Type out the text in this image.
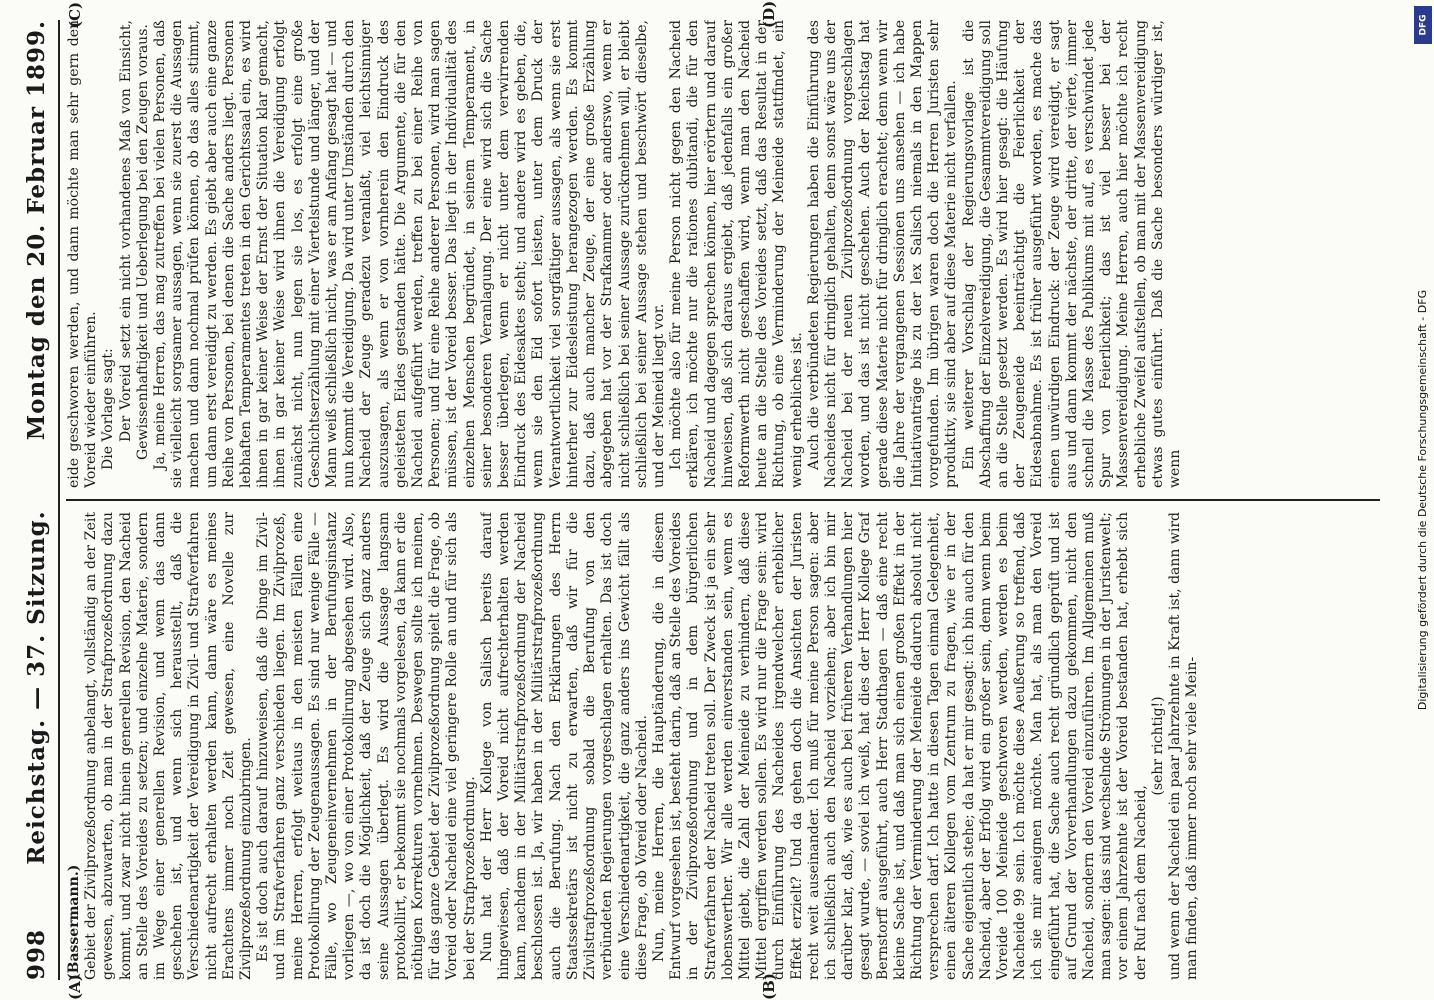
998
Reichstag. — 37. Sitzung.
Montag den 20. Februar 1899.

(Bassermann.) Gebiet der Zivilprozeßordnung anbelangt, vollständig an der Zeit gewesen, abzuwarten, ob man in der Strafprozeßordnung dazu kommt, und zwar nicht hinein generellen Revision, den Nacheid an Stelle des Voreides zu setzen; und einzelne Materie, sondern im Wege einer generellen Revision, und wenn das dann geschehen ist, und wenn sich herausstellt, daß die Verschiedenartigkeit der Vereidigung in Zivil- und Strafverfahren nicht aufrecht erhalten werden kann, dann wäre es meines Erachtens immer noch Zeit gewesen, eine Novelle zur Zivilprozeßordnung einzubringen. Es ist doch auch darauf hinzuweisen, daß die Dinge im Zivil- und im Strafverfahren ganz verschieden liegen. Im Zivilprozeß, meine Herren, erfolgt weitaus in den meisten Fällen eine Protokollirung der Zeugenaussagen. Es sind nur wenige Fälle — Fälle, wo Zeugeneinvernehmen in der Berufungsinstanz vorliegen —, wo von einer Protokollirung abgesehen wird. Also, da ist doch die Möglichkeit, daß der Zeuge sich ganz anders seine Aussagen überlegt. Es wird die Aussage langsam protokollirt, er bekommt sie nochmals vorgelesen, da kann er die nöthigen Korrekturen vornehmen. Deswegen sollte ich meinen, für das ganze Gebiet der Zivilprozeßordnung spielt die Frage, ob Voreid oder Nacheid eine viel geringere Rolle an und für sich als bei der Strafprozeßordnung. Nun hat der Herr Kollege von Salisch bereits darauf hingewiesen, daß der Voreid nicht aufrechterhalten werden kann, nachdem in der Militärstrafprozeßordnung der Nacheid beschlossen ist. Ja, wir haben in der Militärstrafprozeßordnung auch die Berufung. Nach den Erklärungen des Herrn Staatssekretärs ist nicht zu erwarten, daß wir für die Zivilstrafprozeßordnung sobald die Berufung von den verbündeten Regierungen vorgeschlagen erhalten. Das ist doch eine Verschiedenartigkeit, die ganz anders ins Gewicht fällt als diese Frage, ob Voreid oder Nacheid. Nun, meine Herren, die Hauptänderung, die in diesem Entwurf vorgesehen ist, besteht darin, daß an Stelle des Voreides in der Zivilprozeßordnung und in dem bürgerlichen Strafverfahren der Nacheid treten soll. Der Zweck ist ja ein sehr lobenswerther. Wir alle werden einverstanden sein, wenn es Mittel giebt, die Zahl der Meineide zu verhindern, daß diese Mittel ergriffen werden sollen. Es wird nur die Frage sein: wird durch Einführung des Nacheides irgendwelcher erheblicher Effekt erzielt? Und da gehen doch die Ansichten der Juristen recht weit auseinander. Ich muß für meine Person sagen: aber ich schließlich auch den Nacheid vorziehen; aber ich bin mir darüber klar, daß, wie es auch bei früheren Verhandlungen hier gesagt wurde, — soviel ich weiß, hat dies der Herr Kollege Graf Bernstorff ausgeführt, auch Herr Stadthagen — daß eine recht kleine Sache ist, und daß man sich einen großen Effekt in der Richtung der Verminderung der Meineide dadurch absolut nicht versprechen darf. Ich hatte in diesen Tagen einmal Gelegenheit, einen älteren Kollegen vom Zentrum zu fragen, wie er in der Sache eigentlich stehe; da hat er mir gesagt: ich bin auch für den Nacheid, aber der Erfolg wird ein großer sein, denn wenn beim Voreide 100 Meineide geschworen werden, werden es beim Nacheide 99 sein. Ich möchte diese Aeußerung so treffend, daß ich sie mir aneignen möchte. Man hat, als man den Voreid eingeführt hat, die Sache auch recht gründlich geprüft und ist auf Grund der Vorverhandlungen dazu gekommen, nicht den Nacheid, sondern den Voreid einzuführen. Im Allgemeinen muß man sagen: das sind wechselnde Strömungen in der Juristenwelt; vor einem Jahrzehnte ist der Voreid bestanden hat, erhebt sich der Ruf nach dem Nacheid,

(sehr richtig!) und wenn der Nacheid ein paar Jahrzehnte in Kraft ist, dann wird man finden, daß immer noch sehr viele Mein-

eide geschworen werden, und dann möchte man sehr gern den Voreid wieder einführen. Die Vorlage sagt: Der Voreid setzt ein nicht vorhandenes Maß von Einsicht, Gewissenhaftigkeit und Ueberlegung bei den Zeugen voraus. Ja, meine Herren, das mag zutreffen bei vielen Personen, daß sie vielleicht sorgsamer aussagen, wenn sie zuerst die Aussagen machen und dann nochmal prüfen können, ob das alles stimmt, um dann erst vereidigt zu werden. Es giebt aber auch eine ganze Reihe von Personen, bei denen die Sache anders liegt. Personen lebhaften Temperamentes treten in den Gerichtssaal ein, es wird ihnen in gar keiner Weise der Ernst der Situation klar gemacht, ihnen in gar keiner Weise wird ihnen die Vereidigung erfolgt zunächst nicht, nun legen sie los, es erfolgt eine große Geschichtserzählung mit einer Viertelstunde und länger, und der Mann weiß schließlich nicht, was er am Anfang gesagt hat — und nun kommt die Vereidigung. Da wird unter Umständen durch den Nacheid der Zeuge geradezu veranlaßt, viel leichtsinniger auszusagen, als wenn er von vornherein den Eindruck des geleisteten Eides gestanden hätte. Die Argumente, die für den Nacheid aufgeführt werden, treffen zu bei einer Reihe von Personen; und für eine Reihe anderer Personen, wird man sagen müssen, ist der Voreid besser. Das liegt in der Individualität des einzelnen Menschen begründet, in seinem Temperament, in seiner besonderen Veranlagung. Der eine wird sich die Sache besser überlegen, wenn er nicht unter dem verwirrenden Eindruck des Eidesaktes steht; und andere wird es geben, die, wenn sie den Eid sofort leisten, unter dem Druck der Verantwortlichkeit viel sorgfältiger aussagen, als wenn sie erst hinterher zur Eidesleistung herangezogen werden. Es kommt dazu, daß auch mancher Zeuge, der eine große Erzählung abgegeben hat vor der Strafkammer oder anderswo, wenn er nicht schließlich bei seiner Aussage zurücknehmen will, er bleibt schließlich bei seiner Aussage stehen und beschwört dieselbe, und der Meineid liegt vor. Ich möchte also für meine Person nicht gegen den Nacheid erklären, ich möchte nur die rationes dubitandi, die für den Nacheid und dagegen sprechen können, hier erörtern und darauf hinweisen, daß sich daraus ergiebt, daß jedenfalls ein großer Reformwerth nicht geschaffen wird, wenn man den Nacheid heute an die Stelle des Voreides setzt, daß das Resultat in der Richtung, ob eine Verminderung der Meineide stattfindet, ein wenig erhebliches ist. Auch die verbündeten Regierungen haben die Einführung des Nacheides nicht für dringlich gehalten, denn sonst wäre uns der Nacheid bei der neuen Zivilprozeßordnung vorgeschlagen worden, und das ist nicht geschehen. Auch der Reichstag hat gerade diese Materie nicht für dringlich erachtet; denn wenn wir die Jahre der vergangenen Sessionen uns ansehen — ich habe Initiativanträge bis zu der lex Salisch niemals in den Mappen vorgefunden. Im übrigen waren doch die Herren Juristen sehr produktiv, sie sind aber auf diese Materie nicht verfallen. Ein weiterer Vorschlag der Regierungsvorlage ist die Abschaffung der Einzelvereidigung, die Gesammtvereidigung soll an die Stelle gesetzt werden. Es wird hier gesagt: die Häufung der Zeugeneide beeinträchtigt die Feierlichkeit der Eidesabnahme. Es ist früher ausgeführt worden, es mache das einen unwürdigen Eindruck: der Zeuge wird vereidigt, er sagt aus und dann kommt der nächste, der dritte, der vierte, immer schnell die Masse des Publikums mit auf, es verschwindet jede Spur von Feierlichkeit; das ist viel besser bei der Massenvereidigung. Meine Herren, auch hier möchte ich recht erhebliche Zweifel aufstellen, ob man mit der Massenvereidigung etwas gutes einführt. Daß die Sache besonders würdiger ist, wenn

(A)	(B)
(C)	(D)
Digitalisierung gefördert durch die Deutsche Forschungsgemeinschaft - DFG
DFG
